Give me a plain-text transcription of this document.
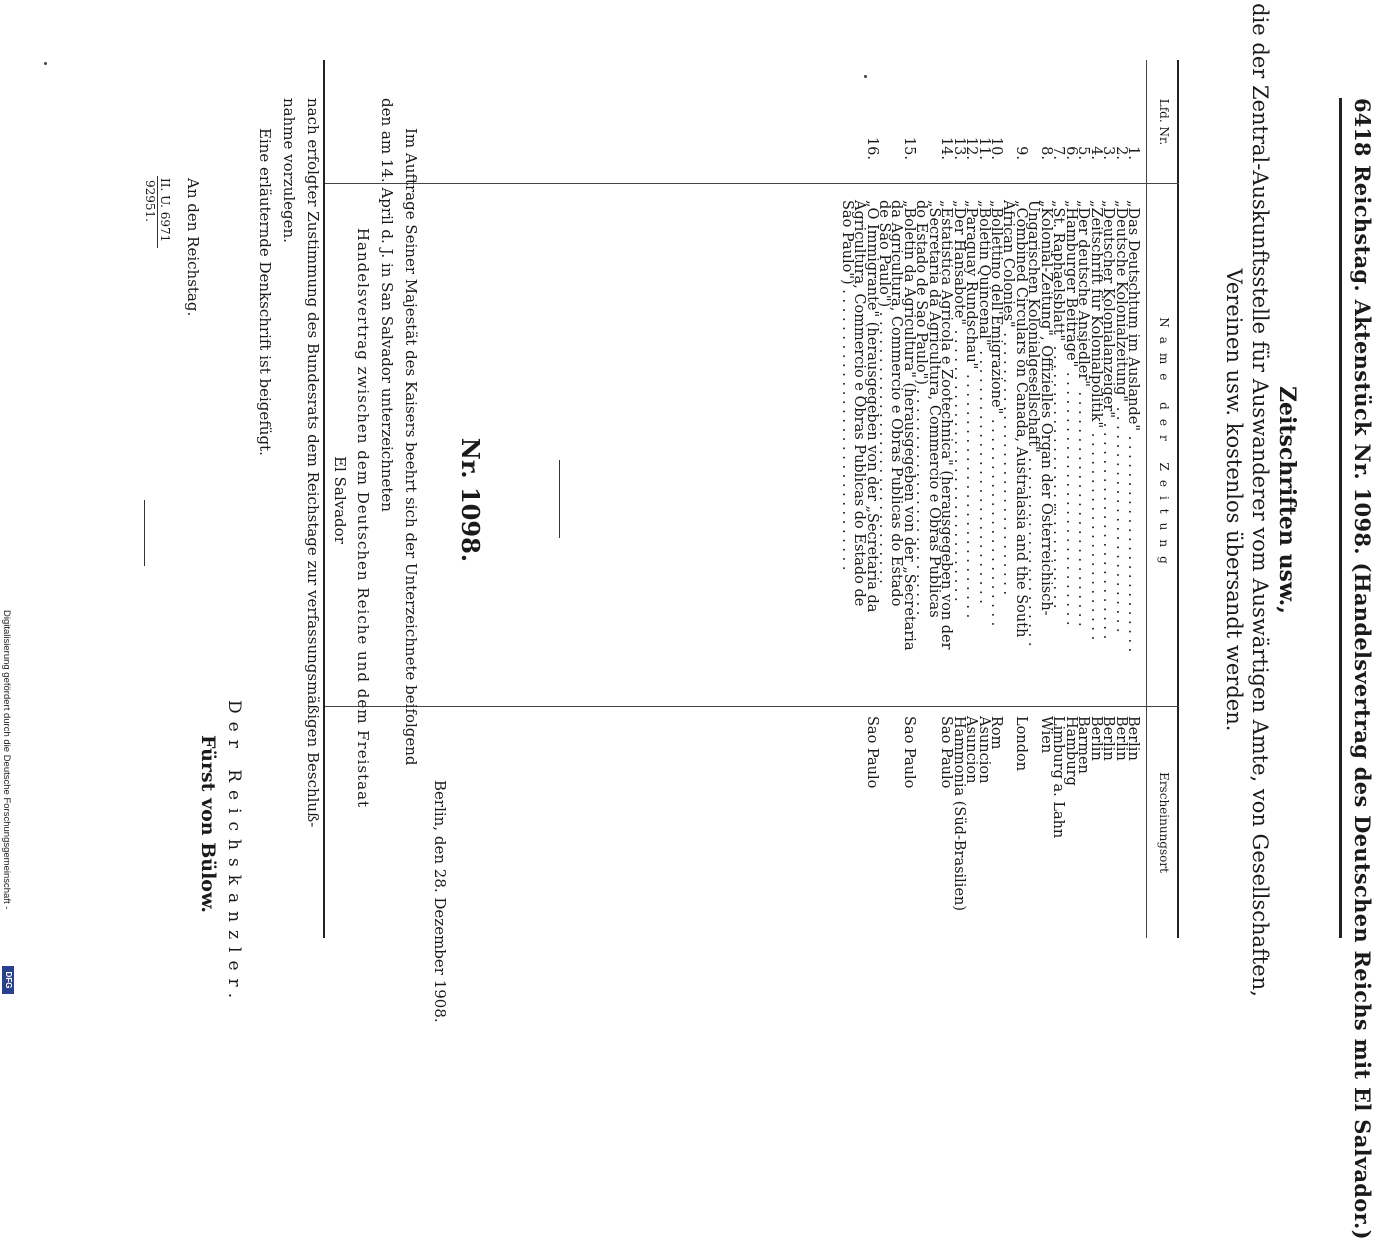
6418
Reichstag. Aktenstück Nr. 1098. (Handelsvertrag des Deutschen Reichs mit El Salvador.)
Zeitschriften usw.,
die der Zentral-Auskunftsstelle für Auswanderer vom Auswärtigen Amte, von Gesellschaften,
Vereinen usw. kostenlos übersandt werden.
Lfd. Nr.
Name der Zeitung
Erscheinungsort
1.
„Das Deutschtum im Auslande" . . . . . . . . . . . . . . . . . . . . . . . .
Berlin
2.
„Deutsche Kolonialzeitung" . . . . . . . . . . . . . . . . . . . . . . . . .
Berlin
3.
„Deutscher Kolonialanzeiger" . . . . . . . . . . . . . . . . . . . . . . . .
Berlin
4.
„Zeitschrift für Kolonialpolitik" . . . . . . . . . . . . . . . . . . . . . . .
Berlin
5.
„Der deutsche Ansiedler" . . . . . . . . . . . . . . . . . . . . . . . . . .
Barmen
6.
„Hamburger Beiträge" . . . . . . . . . . . . . . . . . . . . . . . . . . . .
Hamburg
7.
„St. Raphaelsblatt" . . . . . . . . . . . . . . . . . . . . . . . . . . . . .
Limburg a. Lahn
8.
„Kolonial-Zeitung", Offizielles Organ der Österreichisch-
Wien
Ungarischen Kolonialgesellschaft" . . . . . . . . . . . . . . . . . . . . .
9.
„Combined Circulars on Canada, Australasia and the South
London
African Colonies" . . . . . . . . . . . . . . . . . . . . . . . . . . . . .
10.
„Bollettino dell'Emigrazione" . . . . . . . . . . . . . . . . . . . . . . .
Rom
11.
„Boletin Quincenal" . . . . . . . . . . . . . . . . . . . . . . . . . . . .
Asuncion
12.
„Paraguay Rundschau" . . . . . . . . . . . . . . . . . . . . . . . . . . .
Asuncion
13.
„Der Hansabote" . . . . . . . . . . . . . . . . . . . . . . . . . . . . . .
Hammonia (Süd-Brasilien)
14.
„Estatistica Agricola e Zootechnica" (herausgegeben von der
Sao Paulo
„Secretaria da Agricultura, Commercio e Obras Publicas
do Estado de Sao Paulo") . . . . . . . . . . . . . . . . . . . . . . . . .
15.
„Boletin da Agricultura" (herausgegeben von der „Secretaria
Sao Paulo
da Agricultura, Commercio e Obras Publicas do Estado
de Sao Paulo") . . . . . . . . . . . . . . . . . . . . . . . . . . . . . .
16.
„O Immigrante" (herausgegeben von der „Secretaria da
Sao Paulo
Agricultura, Commercio e Obras Publicas do Estado de
Sao Paulo") . . . . . . . . . . . . . . . . . . . . . . . . . . . . . . .
Nr. 1098.
Berlin, den 28. Dezember 1908.
Im Auftrage Seiner Majestät des Kaisers beehrt sich der Unterzeichnete beifolgend
den am 14. April d. J. in San Salvador unterzeichneten
Handelsvertrag zwischen dem Deutschen Reiche und dem Freistaat
El Salvador
nach erfolgter Zustimmung des Bundesrats dem Reichstage zur verfassungsmäßigen Beschluß-
nahme vorzulegen.
Eine erläuternde Denkschrift ist beigefügt.
Der Reichskanzler.
Fürst von Bülow.
An den Reichstag.
II. U. 6971
92951.
Digitalisierung gefördert durch die Deutsche Forschungsgemeinschaft -
DFG
